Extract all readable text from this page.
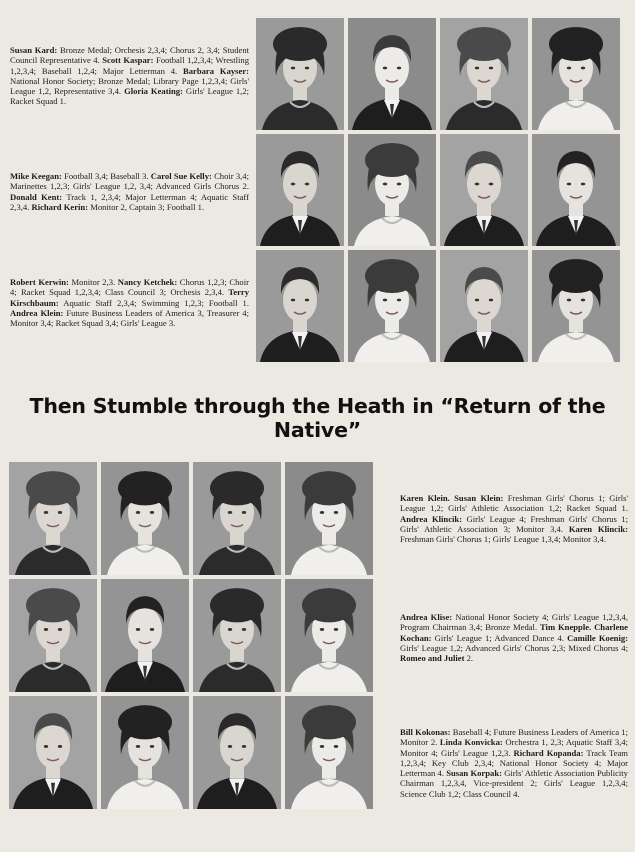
Susan Kard: Bronze Medal; Orchesis 2,3,4; Chorus 2, 3,4; Student Council Representative 4. Scott Kaspar: Football 1,2,3,4; Wrestling 1,2,3,4; Baseball 1,2,4; Major Letterman 4. Barbara Kayser: National Honor Society; Bronze Medal; Library Page 1,2,3,4; Girls' League 1,2, Representative 3,4. Gloria Keating: Girls' League 1,2; Racket Squad 1.
Mike Keegan: Football 3,4; Baseball 3. Carol Sue Kelly: Choir 3,4; Marinettes 1,2,3; Girls' League 1,2, 3,4; Advanced Girls Chorus 2. Donald Kent: Track 1, 2,3,4; Major Letterman 4; Aquatic Staff 2,3,4. Richard Kerin: Monitor 2, Captain 3; Football 1.
Robert Kerwin: Monitor 2,3. Nancy Ketchek: Chorus 1,2,3; Choir 4; Racket Squad 1,2,3,4; Class Council 3; Orchesis 2,3,4. Terry Kirschbaum: Aquatic Staff 2,3,4; Swimming 1,2,3; Football 1. Andrea Klein: Future Business Leaders of America 3, Treasurer 4; Monitor 3,4; Racket Squad 3,4; Girls' League 3.
Then Stumble through the Heath in “Return of the Native”
Karen Klein. Susan Klein: Freshman Girls' Chorus 1; Girls' League 1,2; Girls' Athletic Association 1,2; Racket Squad 1. Andrea Klincik: Girls' League 4; Freshman Girls' Chorus 1; Girls' Athletic Association 3; Monitor 3,4. Karen Klincik: Freshman Girls' Chorus 1; Girls' League 1,3,4; Monitor 3,4.
Andrea Klise: National Honor Society 4; Girls' League 1,2,3,4, Program Chairman 3,4; Bronze Medal. Tim Knepple. Charlene Kochan: Girls' League 1; Advanced Dance 4. Camille Koenig: Girls' League 1,2; Advanced Girls' Chorus 2,3; Mixed Chorus 4; Romeo and Juliet 2.
Bill Kokonas: Baseball 4; Future Business Leaders of America 1; Monitor 2. Linda Konvicka: Orchestra 1, 2,3; Aquatic Staff 3,4; Monitor 4; Girls' League 1,2,3. Richard Kopanda: Track Team 1,2,3,4; Key Club 2,3,4; National Honor Society 4; Major Letterman 4. Susan Korpak: Girls' Athletic Association Publicity Chairman 1,2,3,4, Vice-president 2; Girls' League 1,2,3,4; Science Club 1,2; Class Council 4.
